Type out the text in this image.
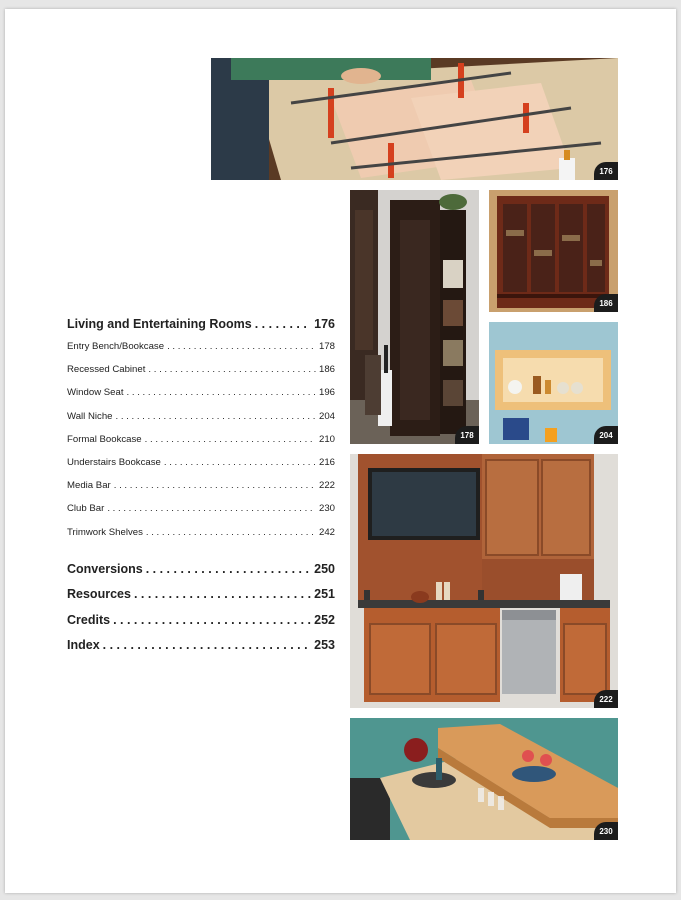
Living and Entertaining Rooms . . .	176
Entry Bench/Bookcase . . .	178
Recessed Cabinet . . .	186
Window Seat . . .	196
Wall Niche . . .	204
Formal Bookcase . . .	210
Understairs Bookcase . . .	216
Media Bar . . .	222
Club Bar . . .	230
Trimwork Shelves . . .	242
Conversions . . .	250
Resources . . .	251
Credits . . .	252
Index . . .	253
176
178
186
204
222
230
